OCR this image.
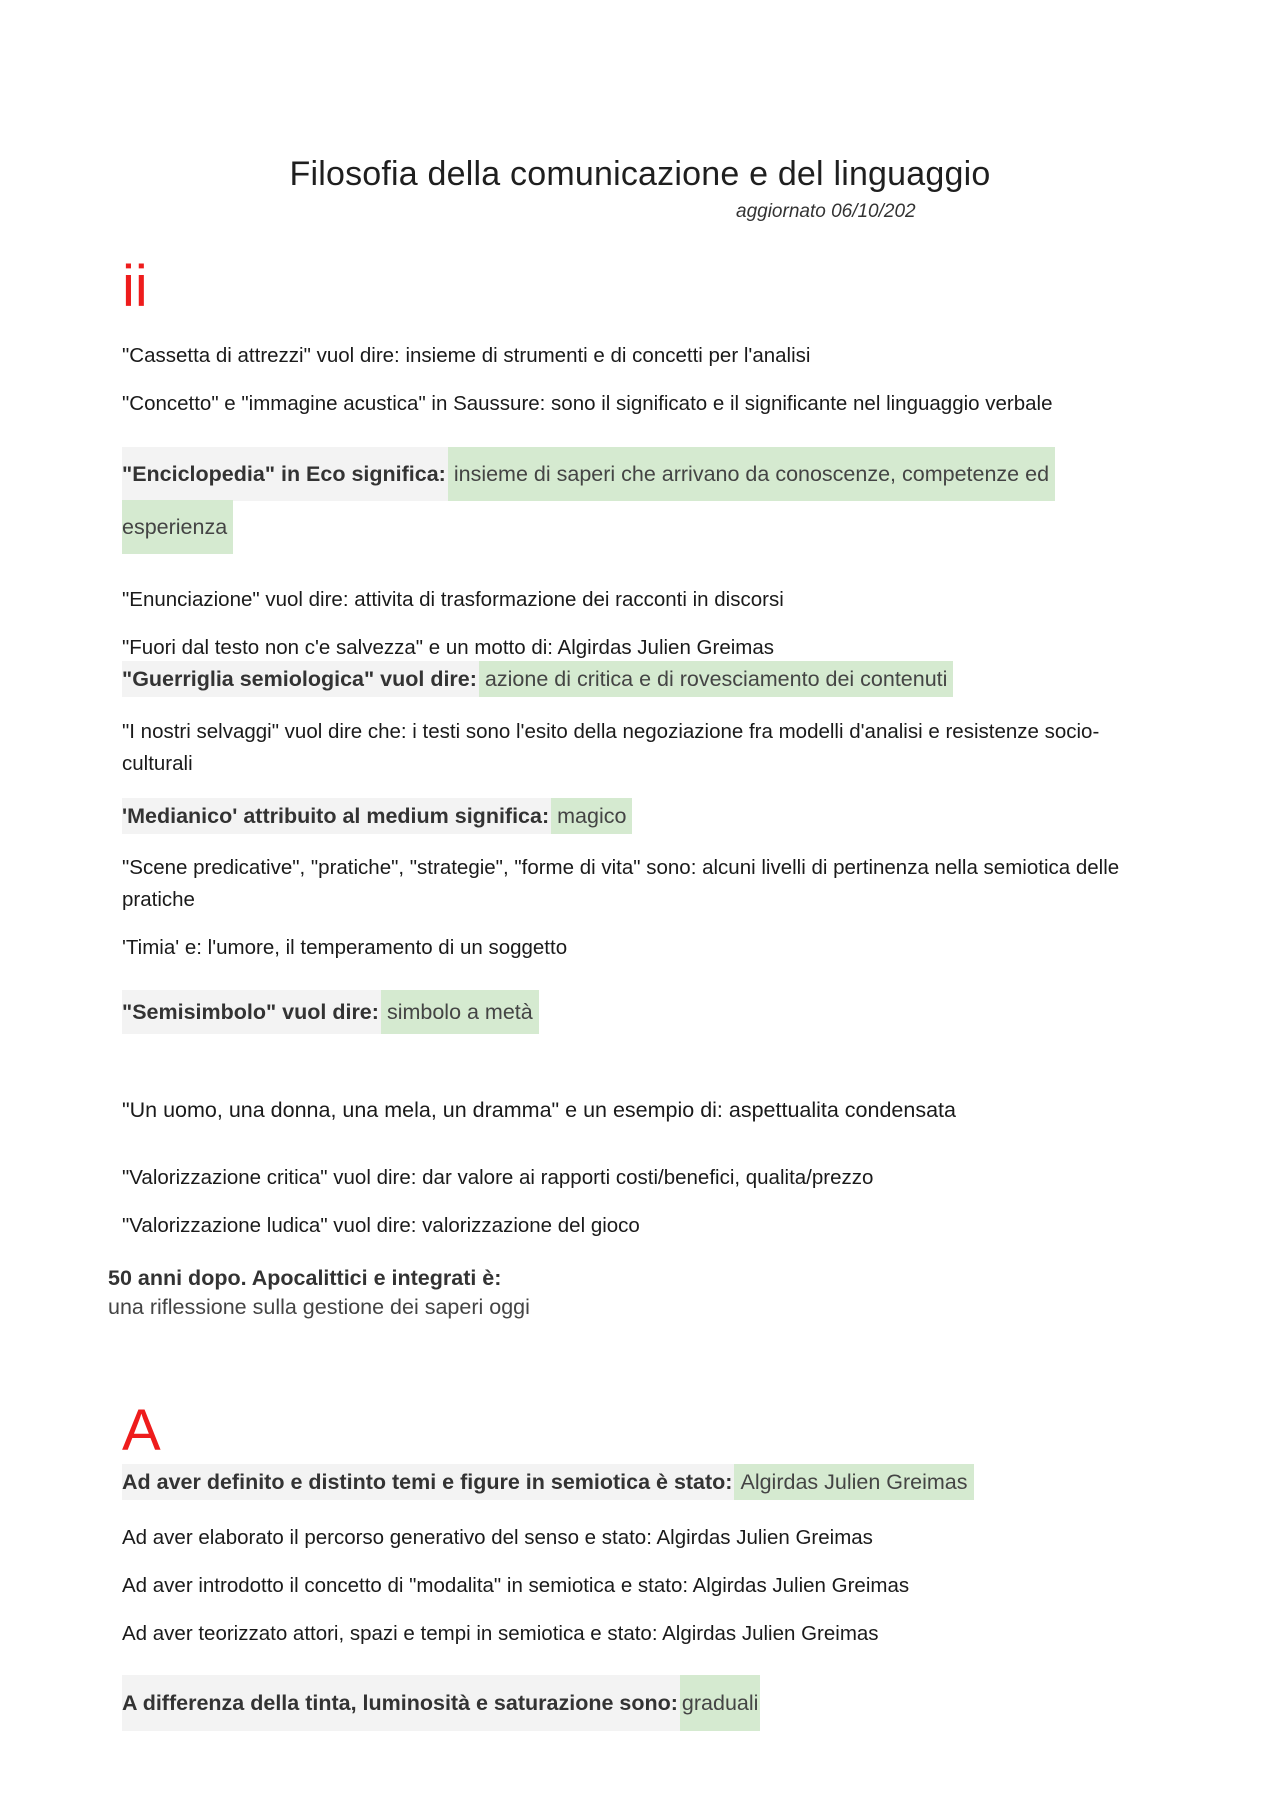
Filosofia della comunicazione e del linguaggio
aggiornato 06/10/202
ii
"Cassetta di attrezzi" vuol dire: insieme di strumenti e di concetti per l'analisi
"Concetto" e "immagine acustica" in Saussure: sono il significato e il significante nel linguaggio verbale
"Enciclopedia" in Eco significa: insieme di saperi che arrivano da conoscenze, competenze ed
esperienza
"Enunciazione" vuol dire: attivita di trasformazione dei racconti in discorsi
"Fuori dal testo non c'e salvezza" e un motto di: Algirdas Julien Greimas
"Guerriglia semiologica" vuol dire: azione di critica e di rovesciamento dei contenuti
"I nostri selvaggi" vuol dire che: i testi sono l'esito della negoziazione fra modelli d'analisi e resistenze socio-culturali
'Medianico' attribuito al medium significa: magico
"Scene predicative", "pratiche", "strategie", "forme di vita" sono: alcuni livelli di pertinenza nella semiotica delle pratiche
'Timia' e: l'umore, il temperamento di un soggetto
"Semisimbolo" vuol dire: simbolo a metà
"Un uomo, una donna, una mela, un dramma" e un esempio di: aspettualita condensata
"Valorizzazione critica" vuol dire: dar valore ai rapporti costi/benefici, qualita/prezzo
"Valorizzazione ludica" vuol dire: valorizzazione del gioco
50 anni dopo. Apocalittici e integrati è:
una riflessione sulla gestione dei saperi oggi
A
Ad aver definito e distinto temi e figure in semiotica è stato: Algirdas Julien Greimas
Ad aver elaborato il percorso generativo del senso e stato: Algirdas Julien Greimas
Ad aver introdotto il concetto di "modalita" in semiotica e stato: Algirdas Julien Greimas
Ad aver teorizzato attori, spazi e tempi in semiotica e stato: Algirdas Julien Greimas
A differenza della tinta, luminosità e saturazione sono: graduali
